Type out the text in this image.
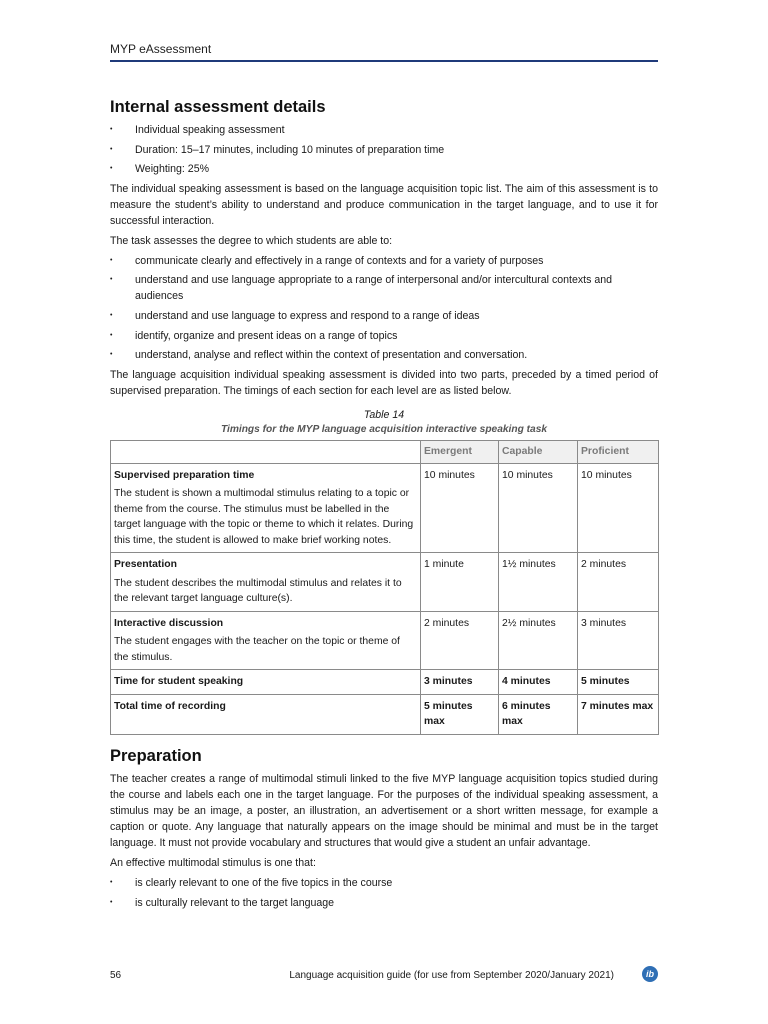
MYP eAssessment
Internal assessment details
• Individual speaking assessment
• Duration: 15–17 minutes, including 10 minutes of preparation time
• Weighting: 25%

The individual speaking assessment is based on the language acquisition topic list. The aim of this assessment is to measure the student’s ability to understand and produce communication in the target language, and to use it for successful interaction.

The task assesses the degree to which students are able to:

• communicate clearly and effectively in a range of contexts and for a variety of purposes
• understand and use language appropriate to a range of interpersonal and/or intercultural contexts and audiences
• understand and use language to express and respond to a range of ideas
• identify, organize and present ideas on a range of topics
• understand, analyse and reflect within the context of presentation and conversation.

The language acquisition individual speaking assessment is divided into two parts, preceded by a timed period of supervised preparation. The timings of each section for each level are as listed below.

Table 14
Timings for the MYP language acquisition interactive speaking task
	Emergent	Capable	Proficient

Supervised preparation time
The student is shown a multimodal stimulus relating to a topic or theme from the course. The stimulus must be labelled in the target language with the topic or theme to which it relates. During this time, the student is allowed to make brief working notes.	10 minutes	10 minutes	10 minutes

Presentation
The student describes the multimodal stimulus and relates it to the relevant target language culture(s).	1 minute	1½ minutes	2 minutes

Interactive discussion
The student engages with the teacher on the topic or theme of the stimulus.	2 minutes	2½ minutes	3 minutes
Time for student speaking	3 minutes	4 minutes	5 minutes
Total time of recording	5 minutes max	6 minutes max	7 minutes max
Preparation

The teacher creates a range of multimodal stimuli linked to the five MYP language acquisition topics studied during the course and labels each one in the target language. For the purposes of the individual speaking assessment, a stimulus may be an image, a poster, an illustration, an advertisement or a short written message, for example a caption or quote. Any language that naturally appears on the image should be minimal and must be in the target language. It must not provide vocabulary and structures that would give a student an unfair advantage.

An effective multimodal stimulus is one that:

• is clearly relevant to one of the five topics in the course
• is culturally relevant to the target language
56	Language acquisition guide (for use from September 2020/January 2021)	ib
